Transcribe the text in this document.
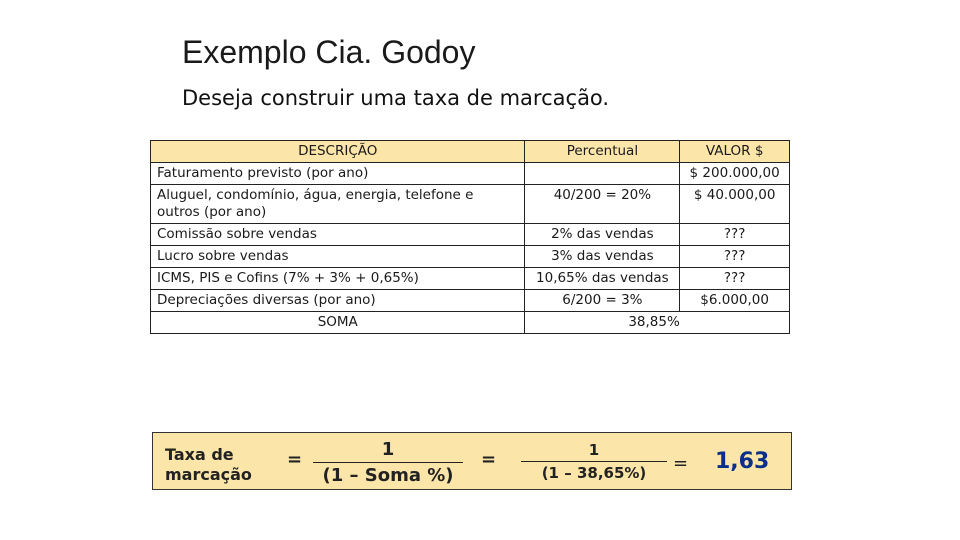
Exemplo Cia. Godoy
Deseja construir uma taxa de marcação.
DESCRIÇÃO	Percentual	VALOR $
Faturamento previsto (por ano)		$ 200.000,00
Aluguel, condomínio, água, energia, telefone e outros (por ano)	40/200 = 20%	$ 40.000,00
Comissão sobre vendas	2% das vendas	???
Lucro sobre vendas	3% das vendas	???
ICMS, PIS e Cofins (7% + 3% + 0,65%)	10,65% das vendas	???
Depreciações diversas (por ano)	6/200 = 3%	$6.000,00
SOMA	38,85%	
Taxa de
marcação
=	1
(1 – Soma %)
= $\frac{1}{(1 - 38,65\%)} = 1,63$
